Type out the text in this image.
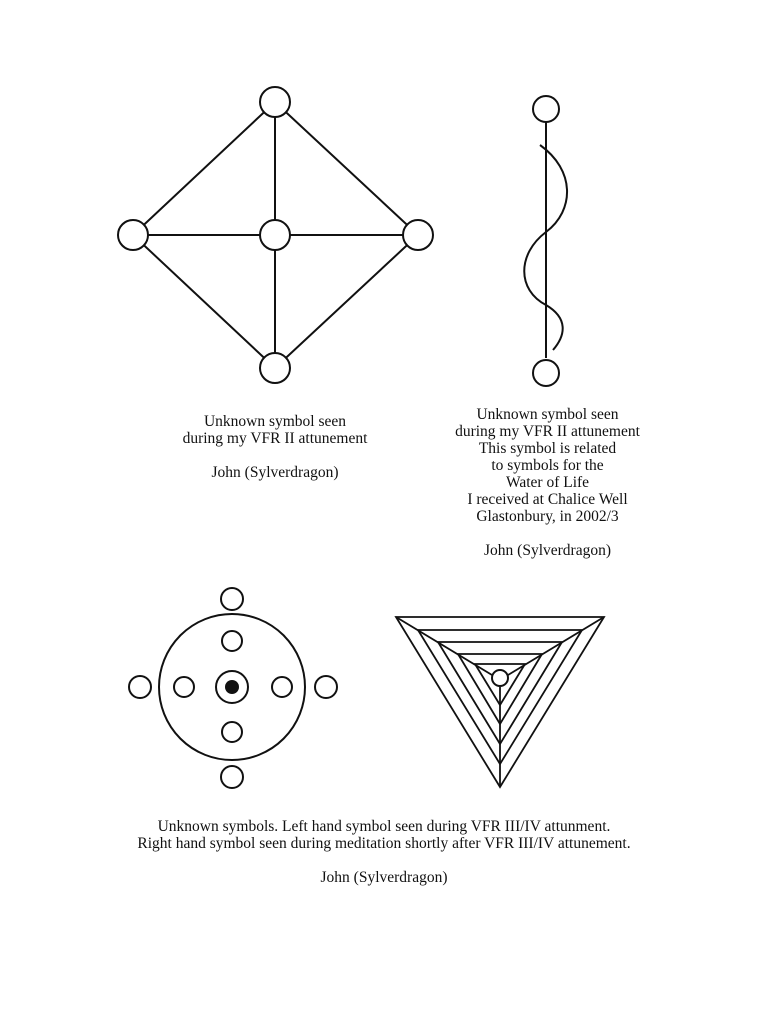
Unknown symbol seen
during my VFR II attunement
John (Sylverdragon)
Unknown symbol seen
during my VFR II attunement
This symbol is related
to symbols for the
Water of Life
I received at Chalice Well
Glastonbury, in 2002/3
John (Sylverdragon)
Unknown symbols. Left hand symbol seen during VFR III/IV attunment.
Right hand symbol seen during meditation shortly after VFR III/IV attunement.
John (Sylverdragon)
